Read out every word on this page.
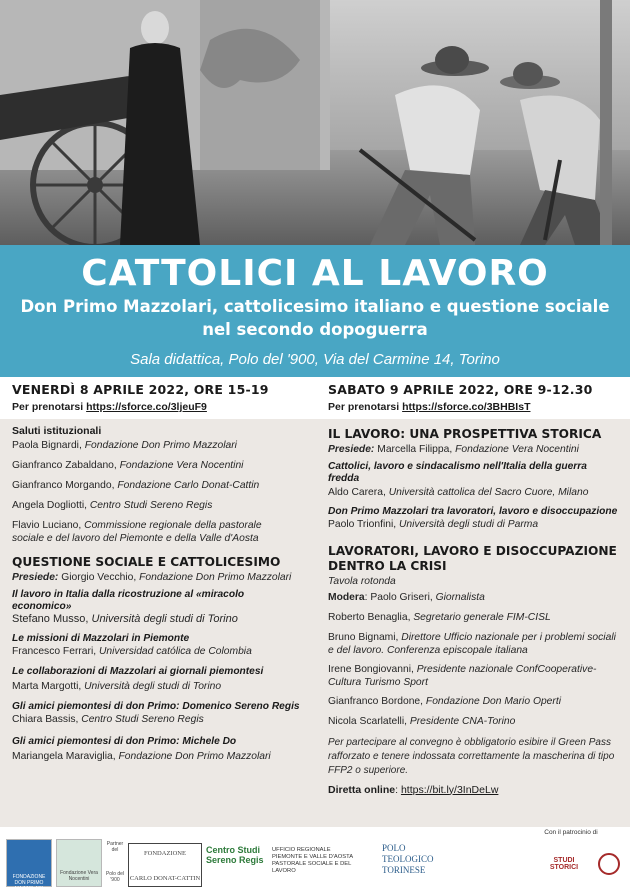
CATTOLICI AL LAVORO
Don Primo Mazzolari, cattolicesimo italiano e questione sociale
nel secondo dopoguerra
Sala didattica, Polo del '900, Via del Carmine 14, Torino
VENERDÌ 8 APRILE 2022, ORE 15-19
Per prenotarsi https://sforce.co/3ljeuF9
Saluti istituzionali
Paola Bignardi, Fondazione Don Primo Mazzolari
Gianfranco Zabaldano, Fondazione Vera Nocentini
Gianfranco Morgando, Fondazione Carlo Donat-Cattin
Angela Dogliotti, Centro Studi Sereno Regis
Flavio Luciano, Commissione regionale della pastorale
sociale e del lavoro del Piemonte e della Valle d'Aosta
QUESTIONE SOCIALE E CATTOLICESIMO
Presiede: Giorgio Vecchio, Fondazione Don Primo Mazzolari
Il lavoro in Italia dalla ricostruzione al «miracolo economico»
Stefano Musso, Università degli studi di Torino
Le missioni di Mazzolari in Piemonte
Francesco Ferrari, Universidad católica de Colombia
Le collaborazioni di Mazzolari ai giornali piemontesi
Marta Margotti, Università degli studi di Torino
Gli amici piemontesi di don Primo: Domenico Sereno Regis
Chiara Bassis, Centro Studi Sereno Regis
Gli amici piemontesi di don Primo: Michele Do
Mariangela Maraviglia, Fondazione Don Primo Mazzolari
SABATO 9 APRILE 2022, ORE 9-12.30
Per prenotarsi https://sforce.co/3BHBIsT
IL LAVORO: UNA PROSPETTIVA STORICA
Presiede: Marcella Filippa, Fondazione Vera Nocentini
Cattolici, lavoro e sindacalismo nell'Italia della guerra fredda
Aldo Carera, Università cattolica del Sacro Cuore, Milano
Don Primo Mazzolari tra lavoratori, lavoro e disoccupazione
Paolo Trionfini, Università degli studi di Parma
LAVORATORI, LAVORO E DISOCCUPAZIONE
DENTRO LA CRISI
Tavola rotonda
Modera: Paolo Griseri, Giornalista
Roberto Benaglia, Segretario generale FIM-CISL
Bruno Bignami, Direttore Ufficio nazionale per i problemi sociali e del lavoro. Conferenza episcopale italiana
Irene Bongiovanni, Presidente nazionale ConfCooperative-Cultura Turismo Sport
Gianfranco Bordone, Fondazione Don Mario Operti
Nicola Scarlatelli, Presidente CNA-Torino
Per partecipare al convegno è obbligatorio esibire il Green Pass rafforzato e tenere indossata correttamente la mascherina di tipo FFP2 o superiore.
Diretta online: https://bit.ly/3InDeLw
FONDAZIONE DON PRIMO MAZZOLARI
Fondazione Vera Nocentini
Partner del
Polo del '900
FONDAZIONE
CARLO DONAT-CATTIN
Centro Studi
Sereno Regis
UFFICIO REGIONALE
PIEMONTE E VALLE D'AOSTA
PASTORALE SOCIALE E DEL LAVORO
POLO
TEOLOGICO
TORINESE
Con il patrocinio di
STUDI STORICI
